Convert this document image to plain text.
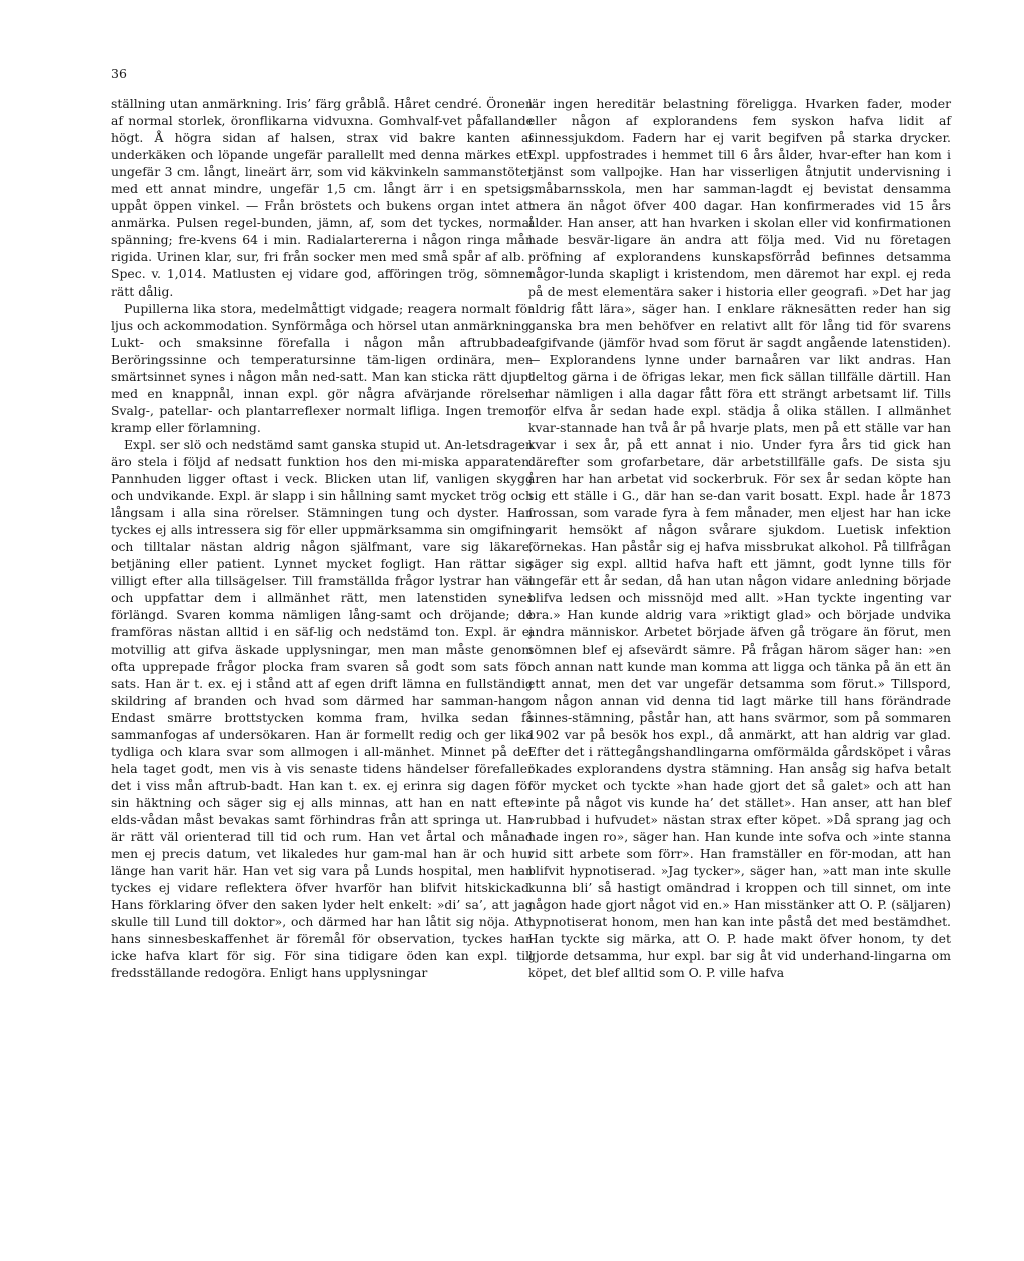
36

ställning utan anmärkning. Iris’ färg gråblå. Håret cendré. Öronen af normal storlek, öronflikarna vidvuxna. Gomhvalf-vet påfallande högt. Å högra sidan af halsen, strax vid bakre kanten af underkäken och löpande ungefär parallellt med denna märkes ett ungefär 3 cm. långt, lineärt ärr, som vid käkvinkeln sammanstöter med ett annat mindre, ungefär 1,5 cm. långt ärr i en spetsig, uppåt öppen vinkel. — Från bröstets och bukens organ intet att anmärka. Pulsen regel-bunden, jämn, af, som det tyckes, normal spänning; fre-kvens 64 i min. Radialartererna i någon ringa mån rigida. Urinen klar, sur, fri från socker men med små spår af alb. · Spec. v. 1,014. Matlusten ej vidare god, afföringen trög, sömnen rätt dålig.

Pupillerna lika stora, medelmåttigt vidgade; reagera normalt för ljus och ackommodation. Synförmåga och hörsel utan anmärkning. Lukt- och smaksinne förefalla i någon mån aftrubbade. Beröringssinne och temperatursinne täm-ligen ordinära, men smärtsinnet synes i någon mån ned-satt. Man kan sticka rätt djupt med en knappnål, innan expl. gör några afvärjande rörelser. Svalg-, patellar- och plantarreflexer normalt lifliga. Ingen tremor, kramp eller förlamning.

Expl. ser slö och nedstämd samt ganska stupid ut. An-letsdragen äro stela i följd af nedsatt funktion hos den mi-miska apparaten. Pannhuden ligger oftast i veck. Blicken utan lif, vanligen skygg och undvikande. Expl. är slapp i sin hållning samt mycket trög och långsam i alla sina rörelser. Stämningen tung och dyster. Han tyckes ej alls intressera sig för eller uppmärksamma sin omgifning och tilltalar nästan aldrig någon själfmant, vare sig läkare, betjäning eller patient. Lynnet mycket fogligt. Han rättar sig villigt efter alla tillsägelser. Till framställda frågor lystrar han väl och uppfattar dem i allmänhet rätt, men latenstiden synes förlängd. Svaren komma nämligen lång-samt och dröjande; de framföras nästan alltid i en säf-lig och nedstämd ton. Expl. är ej motvillig att gifva äskade upplysningar, men man måste genom ofta upprepade frågor plocka fram svaren så godt som sats för sats. Han är t. ex. ej i stånd att af egen drift lämna en fullständig skildring af branden och hvad som därmed har samman-hang. Endast smärre brottstycken komma fram, hvilka sedan få sammanfogas af undersökaren. Han är formellt redig och ger lika tydliga och klara svar som allmogen i all-mänhet. Minnet på det hela taget godt, men vis à vis senaste tidens händelser förefaller det i viss mån aftrub-badt. Han kan t. ex. ej erinra sig dagen för sin häktning och säger sig ej alls minnas, att han en natt efter elds-vådan måst bevakas samt förhindras från att springa ut. Han är rätt väl orienterad till tid och rum. Han vet årtal och månad men ej precis datum, vet likaledes hur gam-mal han är och hur länge han varit här. Han vet sig vara på Lunds hospital, men han tyckes ej vidare reflektera öfver hvarför han blifvit hitskickad. Hans förklaring öfver den saken lyder helt enkelt: »di’ sa’, att jag skulle till Lund till doktor», och därmed har han låtit sig nöja. Att hans sinnesbeskaffenhet är föremål för observation, tyckes han icke hafva klart för sig. För sina tidigare öden kan expl. till fredsställande redogöra. Enligt hans upplysningar

lär ingen hereditär belastning föreligga. Hvarken fader, moder eller någon af explorandens fem syskon hafva lidit af sinnessjukdom. Fadern har ej varit begifven på starka drycker. Expl. uppfostrades i hemmet till 6 års ålder, hvar-efter han kom i tjänst som vallpojke. Han har visserligen åtnjutit undervisning i småbarnsskola, men har samman-lagdt ej bevistat densamma mera än något öfver 400 dagar. Han konfirmerades vid 15 års ålder. Han anser, att han hvarken i skolan eller vid konfirmationen hade besvär-ligare än andra att följa med. Vid nu företagen pröfning af explorandens kunskapsförråd befinnes detsamma någor-lunda skapligt i kristendom, men däremot har expl. ej reda på de mest elementära saker i historia eller geografi. »Det har jag aldrig fått lära», säger han. I enklare räknesätten reder han sig ganska bra men behöfver en relativt allt för lång tid för svarens afgifvande (jämför hvad som förut är sagdt angående latenstiden). — Explorandens lynne under barnaåren var likt andras. Han deltog gärna i de öfrigas lekar, men fick sällan tillfälle därtill. Han har nämligen i alla dagar fått föra ett strängt arbetsamt lif. Tills för elfva år sedan hade expl. städja å olika ställen. I allmänhet kvar-stannade han två år på hvarje plats, men på ett ställe var han kvar i sex år, på ett annat i nio. Under fyra års tid gick han därefter som grofarbetare, där arbetstillfälle gafs. De sista sju åren har han arbetat vid sockerbruk. För sex år sedan köpte han sig ett ställe i G., där han se-dan varit bosatt. Expl. hade år 1873 frossan, som varade fyra à fem månader, men eljest har han icke varit hemsökt af någon svårare sjukdom. Luetisk infektion förnekas. Han påstår sig ej hafva missbrukat alkohol. På tillfrågan säger sig expl. alltid hafva haft ett jämnt, godt lynne tills för ungefär ett år sedan, då han utan någon vidare anledning började blifva ledsen och missnöjd med allt. »Han tyckte ingenting var bra.» Han kunde aldrig vara »riktigt glad» och började undvika andra människor. Arbetet började äfven gå trögare än förut, men sömnen blef ej afsevärdt sämre. På frågan härom säger han: »en och annan natt kunde man komma att ligga och tänka på än ett än ett annat, men det var ungefär detsamma som förut.» Tillspord, om någon annan vid denna tid lagt märke till hans förändrade sinnes-stämning, påstår han, att hans svärmor, som på sommaren 1902 var på besök hos expl., då anmärkt, att han aldrig var glad. Efter det i rättegångshandlingarna omförmälda gårdsköpet i våras ökades explorandens dystra stämning. Han ansåg sig hafva betalt för mycket och tyckte »han hade gjort det så galet» och att han »inte på något vis kunde ha’ det stället». Han anser, att han blef »rubbad i hufvudet» nästan strax efter köpet. »Då sprang jag och hade ingen ro», säger han. Han kunde inte sofva och »inte stanna vid sitt arbete som förr». Han framställer en för-modan, att han blifvit hypnotiserad. »Jag tycker», säger han, »att man inte skulle kunna bli’ så hastigt omändrad i kroppen och till sinnet, om inte någon hade gjort något vid en.» Han misstänker att O. P. (säljaren) hypnotiserat honom, men han kan inte påstå det med bestämdhet. Han tyckte sig märka, att O. P. hade makt öfver honom, ty det gjorde detsamma, hur expl. bar sig åt vid underhand-lingarna om köpet, det blef alltid som O. P. ville hafva
